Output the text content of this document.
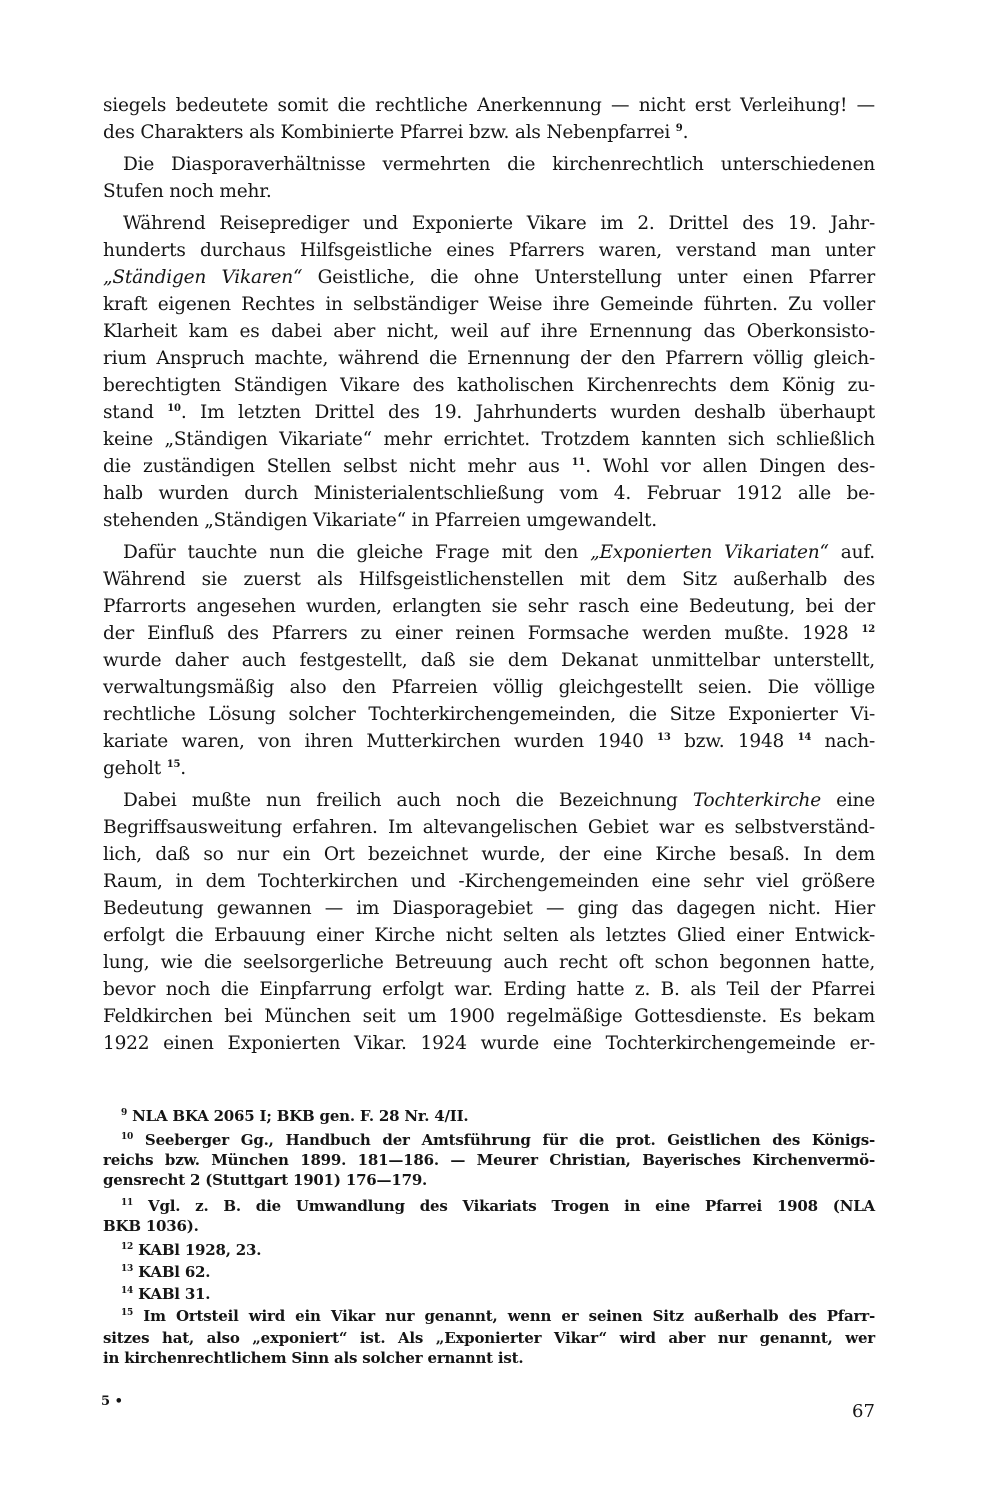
siegels bedeutete somit die rechtliche Anerkennung — nicht erst Verleihung! —
des Charakters als Kombinierte Pfarrei bzw. als Nebenpfarrei $^9$.
Die Diasporaverhältnisse vermehrten die kirchenrechtlich unterschiedenen
Stufen noch mehr.
Während Reiseprediger und Exponierte Vikare im 2. Drittel des 19. Jahr-
hunderts durchaus Hilfsgeistliche eines Pfarrers waren, verstand man unter
„Ständigen Vikaren“ Geistliche, die ohne Unterstellung unter einen Pfarrer
kraft eigenen Rechtes in selbständiger Weise ihre Gemeinde führten. Zu voller
Klarheit kam es dabei aber nicht, weil auf ihre Ernennung das Oberkonsisto-
rium Anspruch machte, während die Ernennung der den Pfarrern völlig gleich-
berechtigten Ständigen Vikare des katholischen Kirchenrechts dem König zu-
stand $^{10}$. Im letzten Drittel des 19. Jahrhunderts wurden deshalb überhaupt
keine „Ständigen Vikariate“ mehr errichtet. Trotzdem kannten sich schließlich
die zuständigen Stellen selbst nicht mehr aus $^{11}$. Wohl vor allen Dingen des-
halb wurden durch Ministerialentschließung vom 4. Februar 1912 alle be-
stehenden „Ständigen Vikariate“ in Pfarreien umgewandelt.
Dafür tauchte nun die gleiche Frage mit den „Exponierten Vikariaten“ auf.
Während sie zuerst als Hilfsgeistlichenstellen mit dem Sitz außerhalb des
Pfarrorts angesehen wurden, erlangten sie sehr rasch eine Bedeutung, bei der
der Einfluß des Pfarrers zu einer reinen Formsache werden mußte. 1928 $^{12}$
wurde daher auch festgestellt, daß sie dem Dekanat unmittelbar unterstellt,
verwaltungsmäßig also den Pfarreien völlig gleichgestellt seien. Die völlige
rechtliche Lösung solcher Tochterkirchengemeinden, die Sitze Exponierter Vi-
kariate waren, von ihren Mutterkirchen wurden 1940 $^{13}$ bzw. 1948 $^{14}$ nach-
geholt $^{15}$.
Dabei mußte nun freilich auch noch die Bezeichnung Tochterkirche eine
Begriffsausweitung erfahren. Im altevangelischen Gebiet war es selbstverständ-
lich, daß so nur ein Ort bezeichnet wurde, der eine Kirche besaß. In dem
Raum, in dem Tochterkirchen und -Kirchengemeinden eine sehr viel größere
Bedeutung gewannen — im Diasporagebiet — ging das dagegen nicht. Hier
erfolgt die Erbauung einer Kirche nicht selten als letztes Glied einer Entwick-
lung, wie die seelsorgerliche Betreuung auch recht oft schon begonnen hatte,
bevor noch die Einpfarrung erfolgt war. Erding hatte z. B. als Teil der Pfarrei
Feldkirchen bei München seit um 1900 regelmäßige Gottesdienste. Es bekam
1922 einen Exponierten Vikar. 1924 wurde eine Tochterkirchengemeinde er-
$^9$ NLA BKA 2065 I; BKB gen. F. 28 Nr. 4/II.
$^{10}$ Seeberger Gg., Handbuch der Amtsführung für die prot. Geistlichen des Königs-
reichs bzw. München 1899. 181—186. — Meurer Christian, Bayerisches Kirchenvermö-
gensrecht 2 (Stuttgart 1901) 176—179.
$^{11}$ Vgl. z. B. die Umwandlung des Vikariats Trogen in eine Pfarrei 1908 (NLA
BKB 1036).
$^{12}$ KABl 1928, 23.
$^{13}$ KABl 62.
$^{14}$ KABl 31.
$^{15}$ Im Ortsteil wird ein Vikar nur genannt, wenn er seinen Sitz außerhalb des Pfarr-
sitzes hat, also „exponiert“ ist. Als „Exponierter Vikar“ wird aber nur genannt, wer
in kirchenrechtlichem Sinn als solcher ernannt ist.
5 •	67
